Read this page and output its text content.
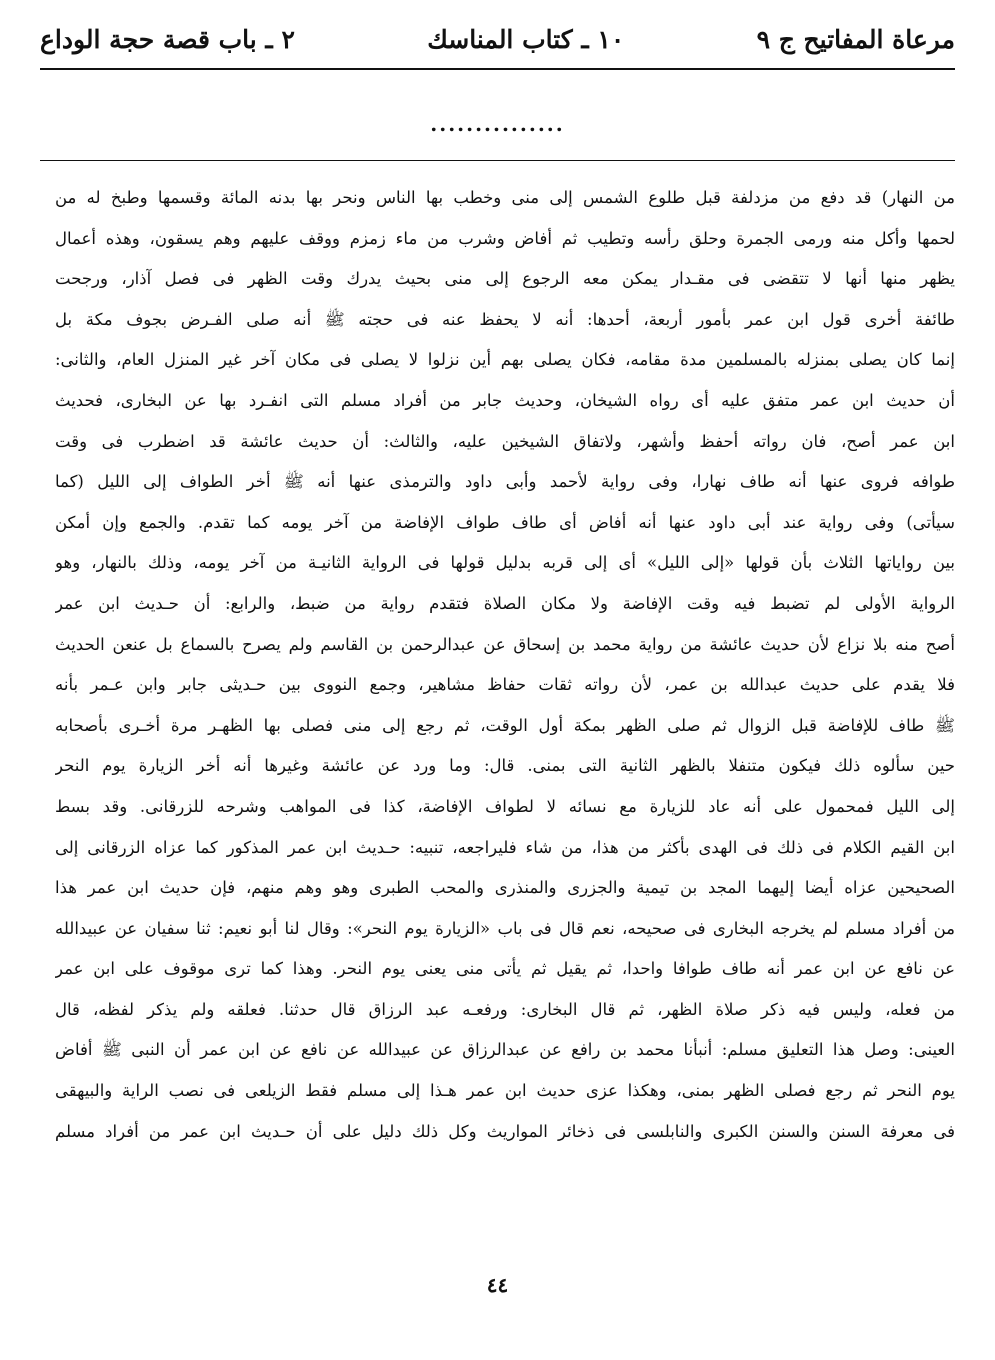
مرعاة المفاتيح ج ٩
١٠ ـ كتاب المناسك
٢ ـ باب قصة حجة الوداع
...............
من النهار) قد دفع من مزدلفة قبل طلوع الشمس إلى منى وخطب بها الناس ونحر بها بدنه المائة وقسمها وطبخ له من
لحمها وأكل منه ورمى الجمرة وحلق رأسه وتطيب ثم أفاض وشرب من ماء زمزم ووقف عليهم وهم يسقون، وهذه أعمال
يظهر منها أنها لا تتقضى فى مقـدار يمكن معه الرجوع إلى منى بحيث يدرك وقت الظهر فى فصل آذار، ورجحت
طائفة أخرى قول ابن عمر بأمور أربعة، أحدها: أنه لا يحفظ عنه فى حجته ﷺ أنه صلى الفـرض بجوف مكة بل
إنما كان يصلى بمنزله بالمسلمين مدة مقامه، فكان يصلى بهم أين نزلوا لا يصلى فى مكان آخر غير المنزل العام، والثانى:
أن حديث ابن عمر متفق عليه أى رواه الشيخان، وحديث جابر من أفراد مسلم التى انفـرد بها عن البخارى، فحديث
ابن عمر أصح، فان رواته أحفظ وأشهر، ولاتفاق الشيخين عليه، والثالث: أن حديث عائشة قد اضطرب فى وقت
طوافه فروى عنها أنه طاف نهارا، وفى رواية لأحمد وأبى داود والترمذى عنها أنه ﷺ أخر الطواف إلى الليل (كما
سيأتى) وفى رواية عند أبى داود عنها أنه أفاض أى طاف طواف الإفاضة من آخر يومه كما تقدم. والجمع وإن أمكن
بين رواياتها الثلاث بأن قولها «إلى الليل» أى إلى قربه بدليل قولها فى الرواية الثانيـة من آخر يومه، وذلك بالنهار، وهو
الرواية الأولى لم تضبط فيه وقت الإفاضة ولا مكان الصلاة فتقدم رواية من ضبط، والرابع: أن حـديث ابن عمر
أصح منه بلا نزاع لأن حديث عائشة من رواية محمد بن إسحاق عن عبدالرحمن بن القاسم ولم يصرح بالسماع بل عنعن الحديث
فلا يقدم على حديث عبدالله بن عمر، لأن رواته ثقات حفاظ مشاهير، وجمع النووى بين حـديثى جابر وابن عـمر بأنه
ﷺ طاف للإفاضة قبل الزوال ثم صلى الظهر بمكة أول الوقت، ثم رجع إلى منى فصلى بها الظهـر مرة أخـرى بأصحابه
حين سألوه ذلك فيكون متنفلا بالظهر الثانية التى بمنى. قال: وما ورد عن عائشة وغيرها أنه أخر الزيارة يوم النحر
إلى الليل فمحمول على أنه عاد للزيارة مع نسائه لا لطواف الإفاضة، كذا فى المواهب وشرحه للزرقانى. وقد بسط
ابن القيم الكلام فى ذلك فى الهدى بأكثر من هذا، من شاء فليراجعه، تنبيه: حـديث ابن عمر المذكور كما عزاه الزرقانى إلى
الصحيحين عزاه أيضا إليهما المجد بن تيمية والجزرى والمنذرى والمحب الطبرى وهو وهم منهم، فإن حديث ابن عمر هذا
من أفراد مسلم لم يخرجه البخارى فى صحيحه، نعم قال فى باب «الزيارة يوم النحر»: وقال لنا أبو نعيم: ثنا سفيان عن عبيدالله
عن نافع عن ابن عمر أنه طاف طوافا واحدا، ثم يقيل ثم يأتى منى يعنى يوم النحر. وهذا كما ترى موقوف على ابن عمر
من فعله، وليس فيه ذكر صلاة الظهر، ثم قال البخارى: ورفعـه عبد الرزاق قال حدثنا. فعلقه ولم يذكر لفظه، قال
العينى: وصل هذا التعليق مسلم: أنبأنا محمد بن رافع عن عبدالرزاق عن عبيدالله عن نافع عن ابن عمر أن النبى ﷺ أفاض
يوم النحر ثم رجع فصلى الظهر بمنى، وهكذا عزى حديث ابن عمر هـذا إلى مسلم فقط الزيلعى فى نصب الراية والبيهقى
فى معرفة السنن والسنن الكبرى والنابلسى فى ذخائر المواريث وكل ذلك دليل على أن حـديث ابن عمر من أفراد مسلم
٤٤
